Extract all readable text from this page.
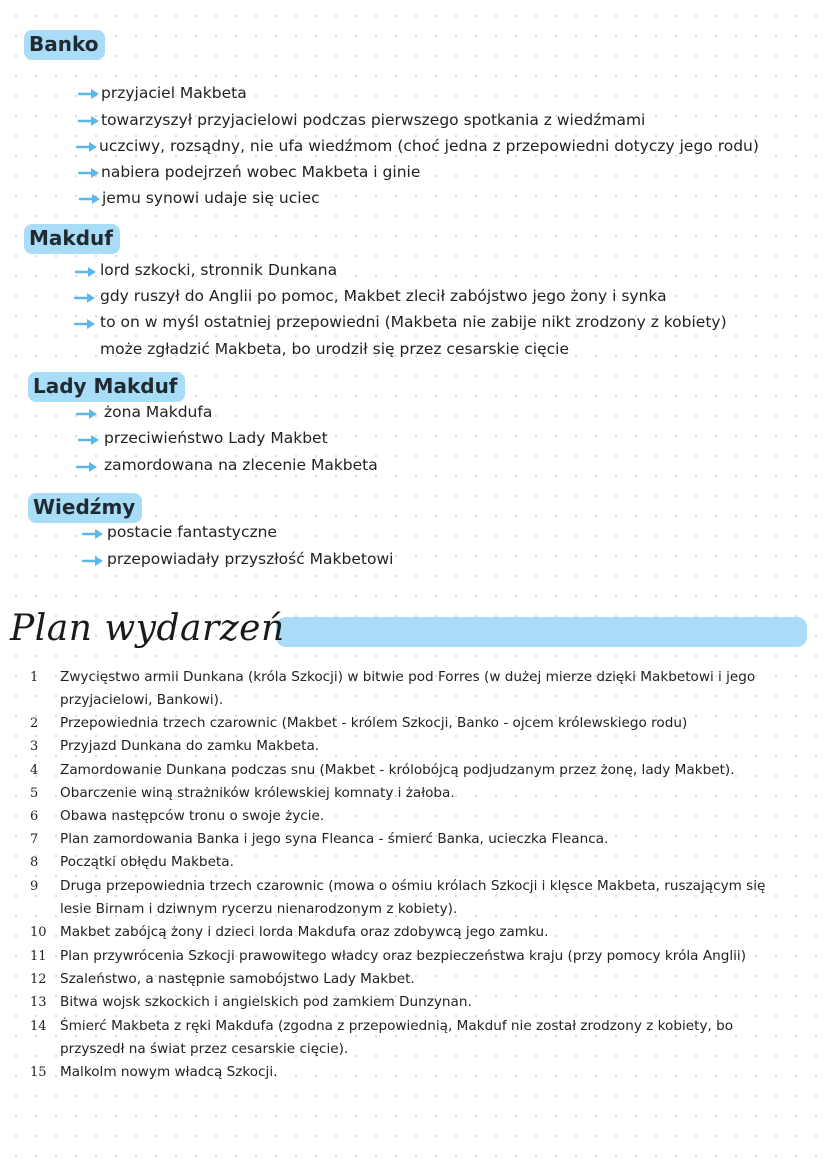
Banko
przyjaciel Makbeta
towarzyszył przyjacielowi podczas pierwszego spotkania z wiedźmami
uczciwy, rozsądny, nie ufa wiedźmom (choć jedna z przepowiedni dotyczy jego rodu)
nabiera podejrzeń wobec Makbeta i ginie
jemu synowi udaje się uciec
Makduf
lord szkocki, stronnik Dunkana
gdy ruszył do Anglii po pomoc, Makbet zlecił zabójstwo jego żony i synka
to on w myśl ostatniej przepowiedni (Makbeta nie zabije nikt zrodzony z kobiety)
może zgładzić Makbeta, bo urodził się przez cesarskie cięcie
Lady Makduf
żona Makdufa
przeciwieństwo Lady Makbet
zamordowana na zlecenie Makbeta
Wiedźmy
postacie fantastyczne
przepowiadały przyszłość Makbetowi
Plan wydarzeń
1	Zwycięstwo armii Dunkana (króla Szkocji) w bitwie pod Forres (w dużej mierze dzięki Makbetowi i jego
przyjacielowi, Bankowi).
2	Przepowiednia trzech czarownic (Makbet - królem Szkocji, Banko - ojcem królewskiego rodu)
3	Przyjazd Dunkana do zamku Makbeta.
4	Zamordowanie Dunkana podczas snu (Makbet - królobójcą podjudzanym przez żonę, lady Makbet).
5	Obarczenie winą strażników królewskiej komnaty i żałoba.
6	Obawa następców tronu o swoje życie.
7	Plan zamordowania Banka i jego syna Fleanca - śmierć Banka, ucieczka Fleanca.
8	Początki obłędu Makbeta.
9	Druga przepowiednia trzech czarownic (mowa o ośmiu królach Szkocji i klęsce Makbeta, ruszającym się
lesie Birnam i dziwnym rycerzu nienarodzonym z kobiety).
10 Makbet zabójcą żony i dzieci lorda Makdufa oraz zdobywcą jego zamku.
11 Plan przywrócenia Szkocji prawowitego władcy oraz bezpieczeństwa kraju (przy pomocy króla Anglii)
12 Szaleństwo, a następnie samobójstwo Lady Makbet.
13 Bitwa wojsk szkockich i angielskich pod zamkiem Dunzynan.
14 Śmierć Makbeta z ręki Makdufa (zgodna z przepowiednią, Makduf nie został zrodzony z kobiety, bo
przyszedł na świat przez cesarskie cięcie).
15 Malkolm nowym władcą Szkocji.
